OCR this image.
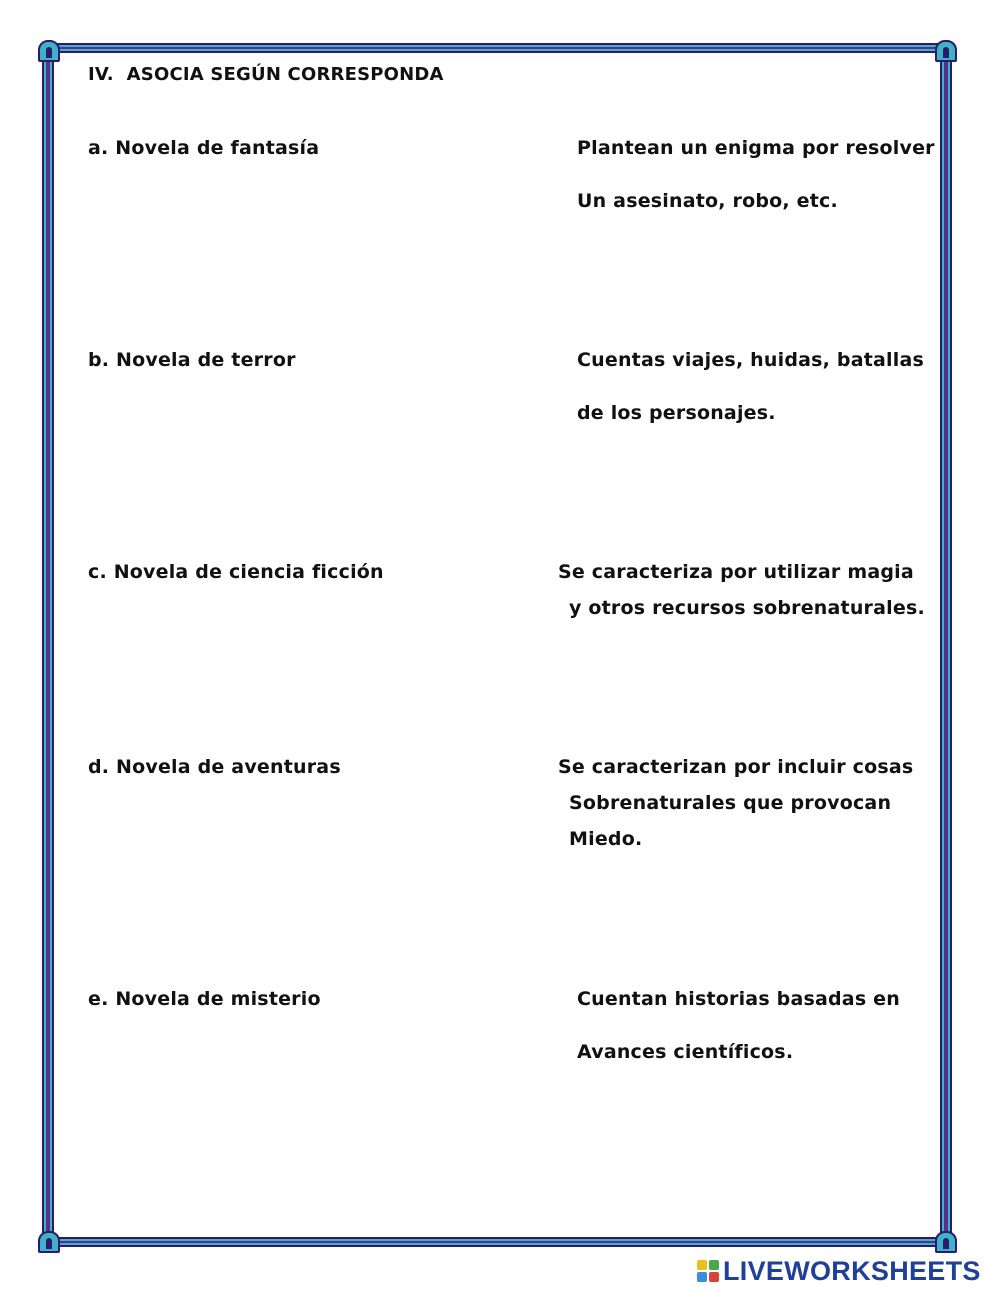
IV.  ASOCIA SEGÚN CORRESPONDA
a. Novela de fantasía
b. Novela de terror
c. Novela de ciencia ficción
d. Novela de aventuras
e. Novela de misterio
Plantean un enigma por resolver
Un asesinato, robo, etc.
Cuentas viajes, huidas, batallas
de los personajes.
Se caracteriza por utilizar magia
y otros recursos sobrenaturales.
Se caracterizan por incluir cosas
Sobrenaturales que provocan
Miedo.
Cuentan historias basadas en
Avances científicos.
LIVEWORKSHEETS
